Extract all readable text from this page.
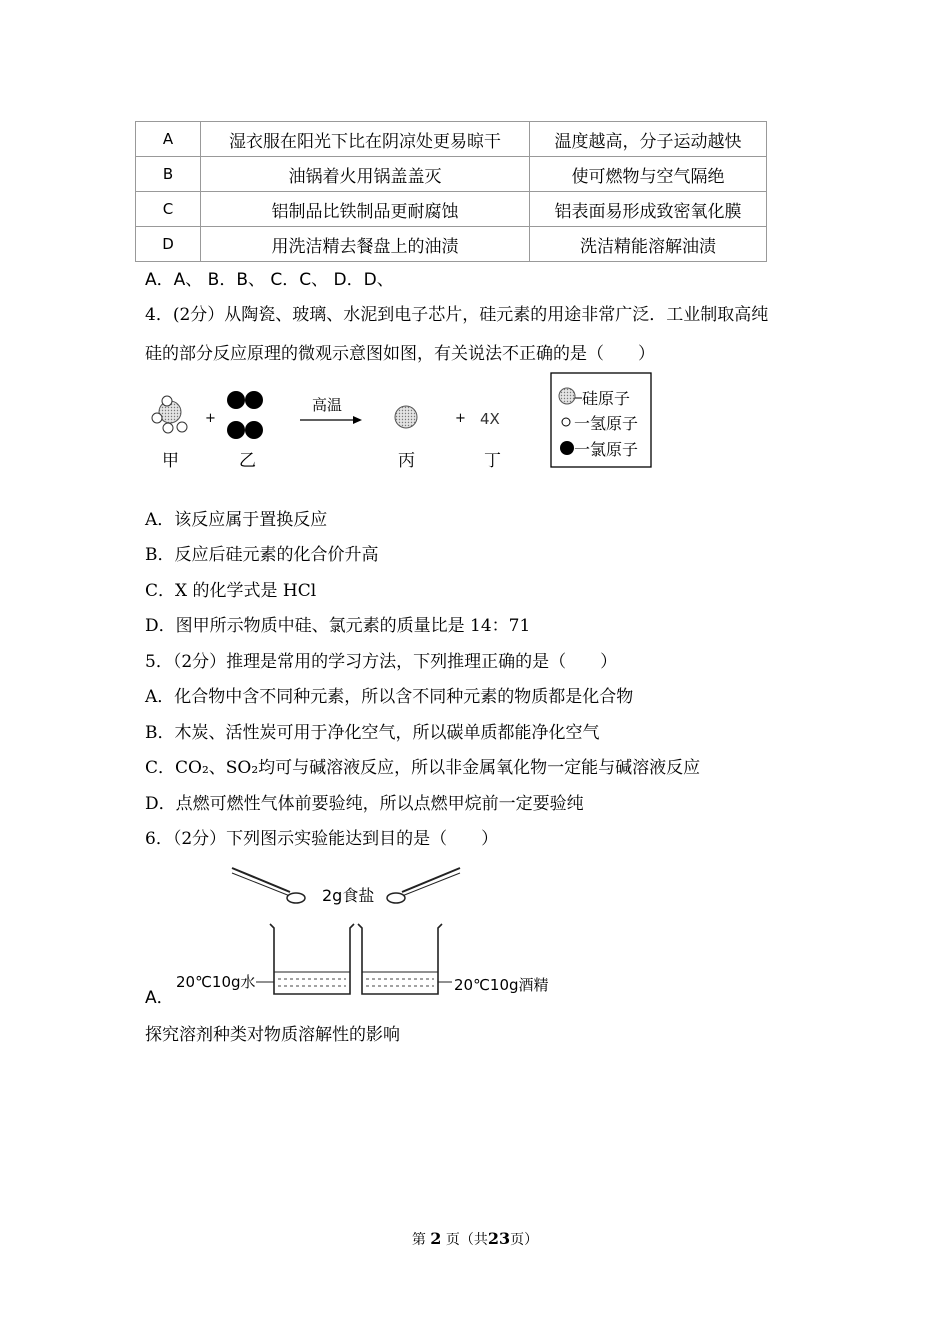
A	湿衣服在阳光下比在阴凉处更易晾干	温度越高，分子运动越快
B	油锅着火用锅盖盖灭	使可燃物与空气隔绝
C	铝制品比铁制品更耐腐蚀	铝表面易形成致密氧化膜
D	用洗洁精去餐盘上的油渍	洗洁精能溶解油渍
A．A、 B．B、 C．C、 D．D、
4．(2分）从陶瓷、玻璃、水泥到电子芯片，硅元素的用途非常广泛．工业制取高纯
硅的部分反应原理的微观示意图如图，有关说法不正确的是（　　）
+
高温
+ 4X
甲	乙	丙	丁
硅原子
一氢原子
一氯原子
A．该反应属于置换反应
B．反应后硅元素的化合价升高
C．X 的化学式是 HCl
D．图甲所示物质中硅、氯元素的质量比是 14：71
5．（2分）推理是常用的学习方法，下列推理正确的是（　　）
A．化合物中含不同种元素，所以含不同种元素的物质都是化合物
B．木炭、活性炭可用于净化空气，所以碳单质都能净化空气
C．CO₂、SO₂均可与碱溶液反应，所以非金属氧化物一定能与碱溶液反应
D．点燃可燃性气体前要验纯，所以点燃甲烷前一定要验纯
6．（2分）下列图示实验能达到目的是（　　）
2g食盐
20℃10g水	20℃10g酒精
A．
探究溶剂种类对物质溶解性的影响
第 2 页（共23页）
